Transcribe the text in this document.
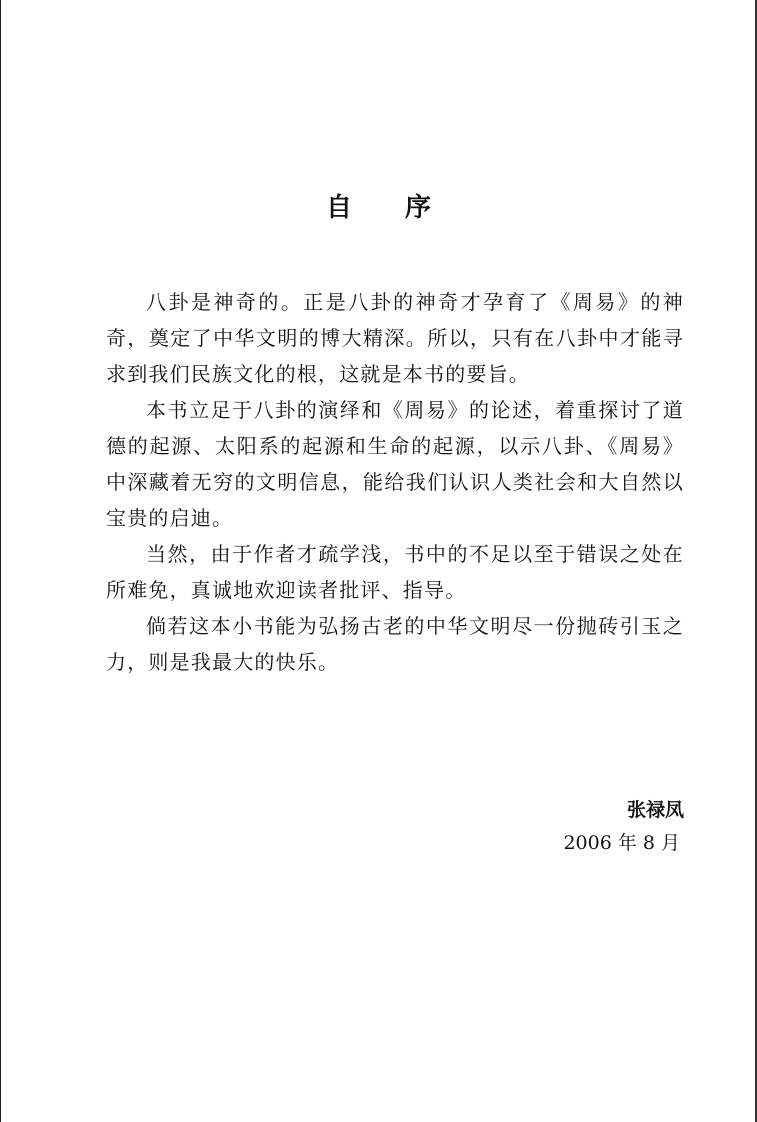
自 序

八卦是神奇的。正是八卦的神奇才孕育了《周易》的神奇，奠定了中华文明的博大精深。所以，只有在八卦中才能寻求到我们民族文化的根，这就是本书的要旨。

本书立足于八卦的演绎和《周易》的论述，着重探讨了道德的起源、太阳系的起源和生命的起源，以示八卦、《周易》中深藏着无穷的文明信息，能给我们认识人类社会和大自然以宝贵的启迪。

当然，由于作者才疏学浅，书中的不足以至于错误之处在所难免，真诚地欢迎读者批评、指导。

倘若这本小书能为弘扬古老的中华文明尽一份抛砖引玉之力，则是我最大的快乐。

张禄凤
2006 年 8 月
